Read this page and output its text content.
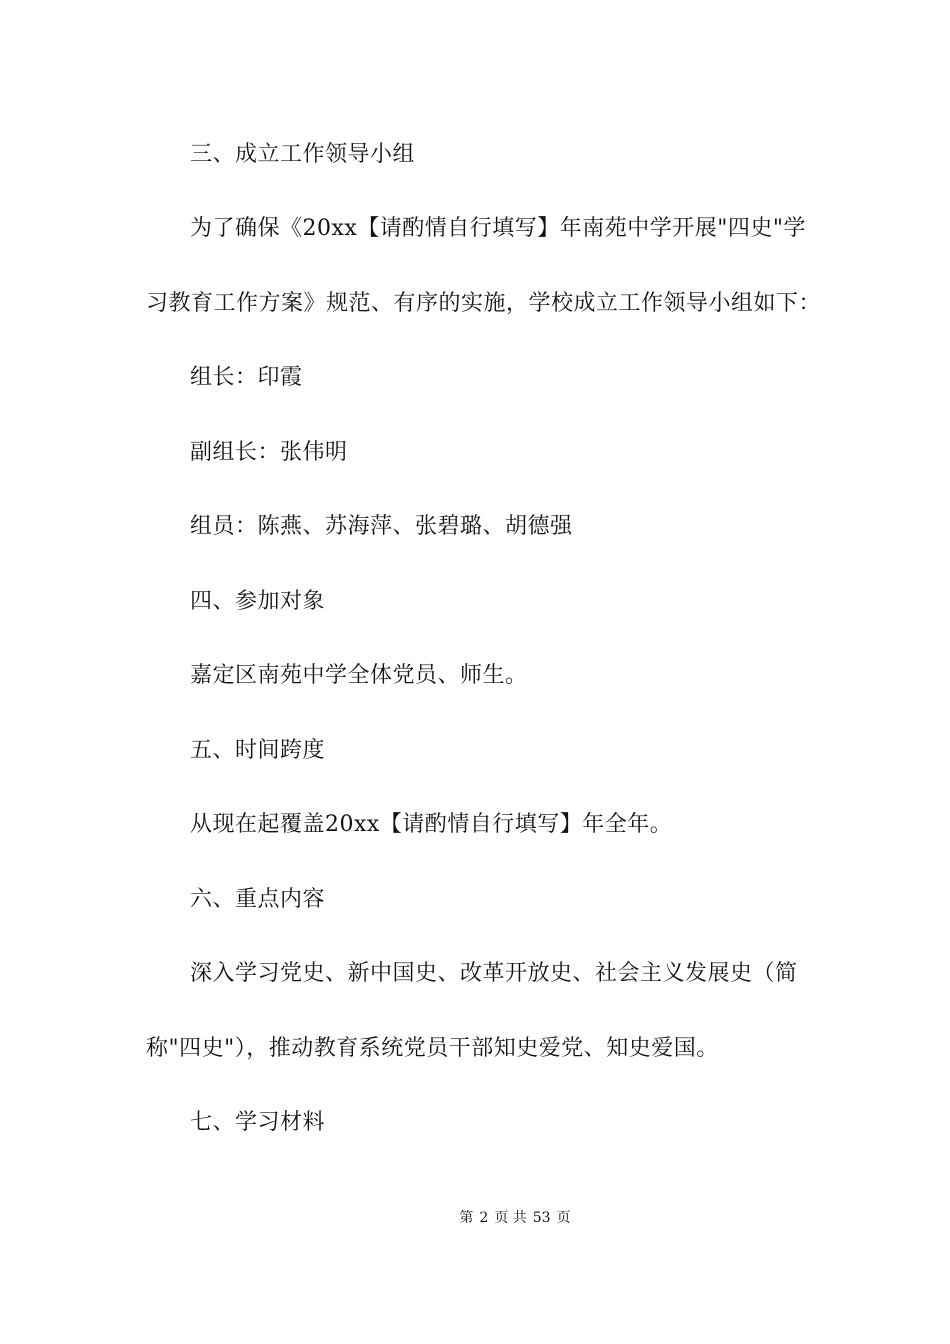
三、成立工作领导小组
为了确保《20xx【请酌情自行填写】年南苑中学开展"四史"学
习教育工作方案》规范、有序的实施，学校成立工作领导小组如下：
组长：印霞
副组长：张伟明
组员：陈燕、苏海萍、张碧璐、胡德强
四、参加对象
嘉定区南苑中学全体党员、师生。
五、时间跨度
从现在起覆盖20xx【请酌情自行填写】年全年。
六、重点内容
深入学习党史、新中国史、改革开放史、社会主义发展史（简
称"四史"），推动教育系统党员干部知史爱党、知史爱国。
七、学习材料
第 2 页 共 53 页
